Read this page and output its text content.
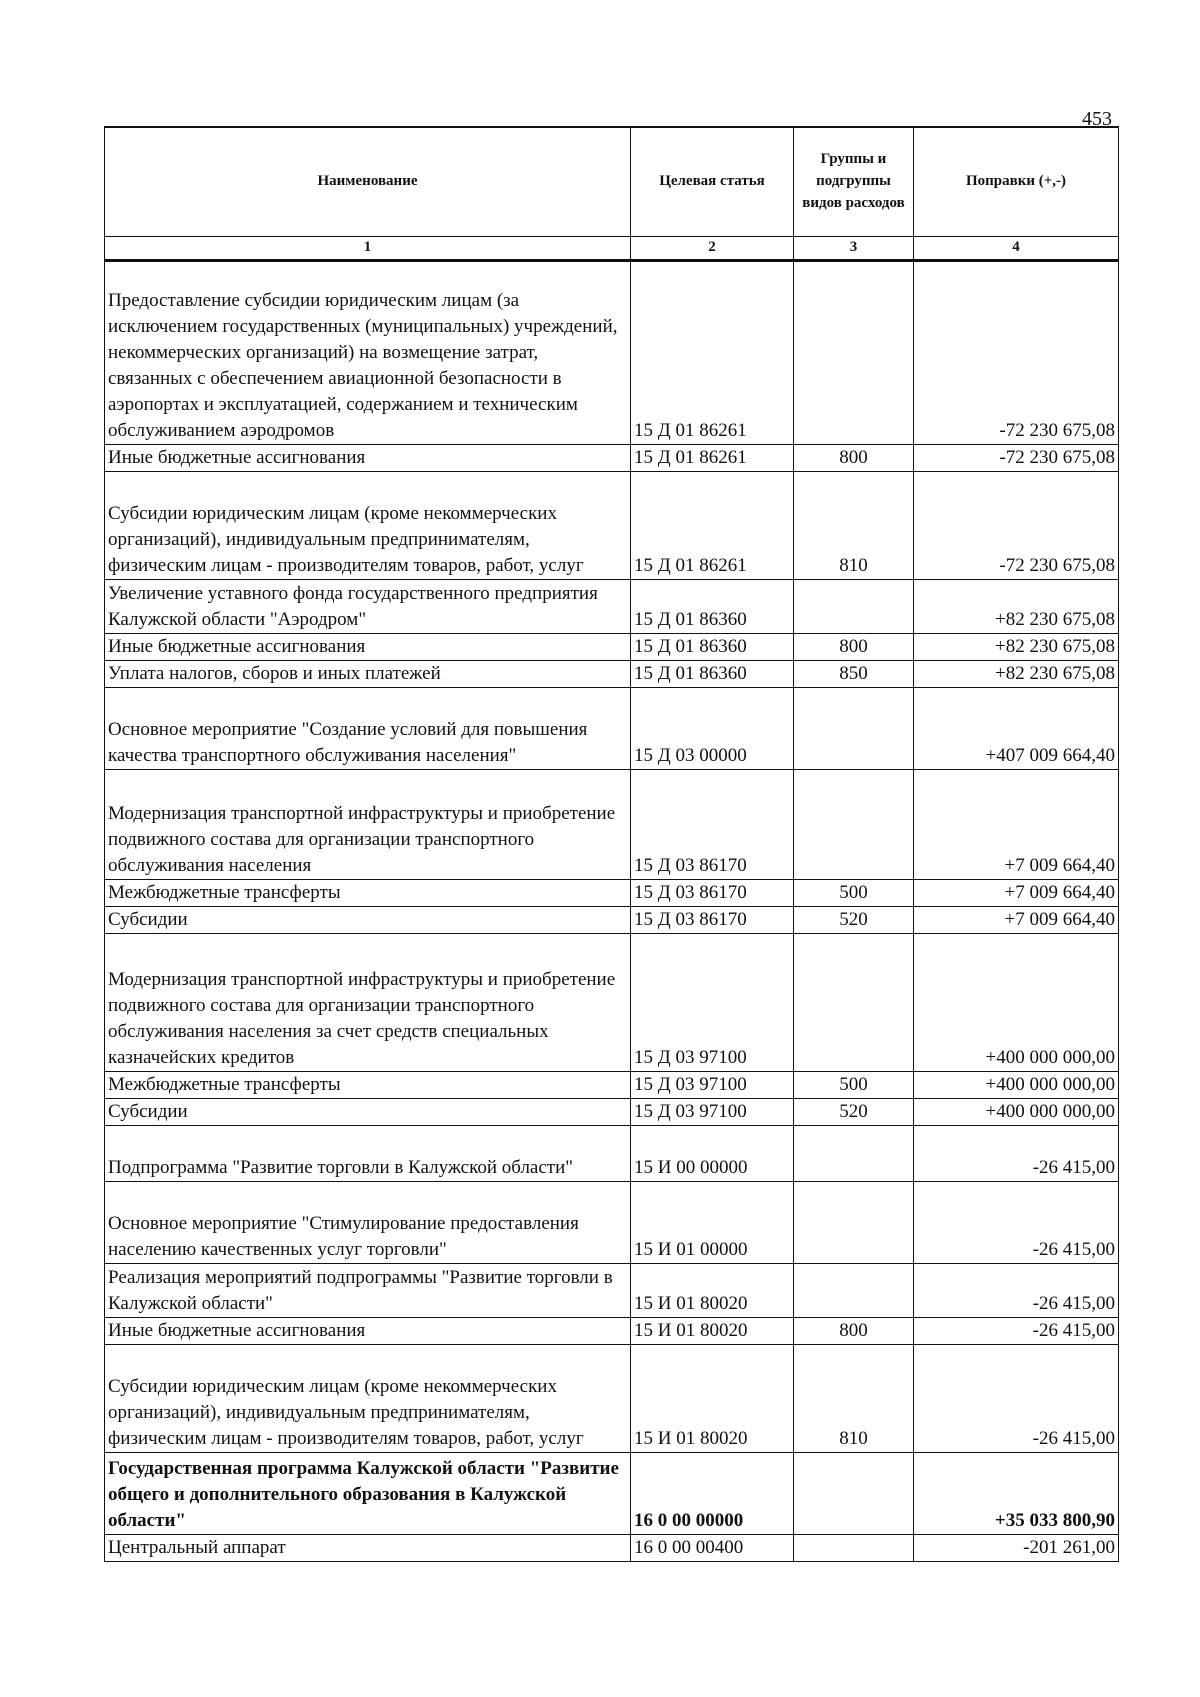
453
Наименование	Целевая статья	Группы и подгруппы видов расходов	Поправки (+,-)
1	2	3	4
Предоставление субсидии юридическим лицам (за исключением государственных (муниципальных) учреждений, некоммерческих организаций) на возмещение затрат, связанных с обеспечением авиационной безопасности в аэропортах и эксплуатацией, содержанием и техническим обслуживанием аэродромов	15 Д 01 86261		-72 230 675,08
Иные бюджетные ассигнования	15 Д 01 86261	800	-72 230 675,08
Субсидии юридическим лицам (кроме некоммерческих организаций), индивидуальным предпринимателям, физическим лицам - производителям товаров, работ, услуг	15 Д 01 86261	810	-72 230 675,08
Увеличение уставного фонда государственного предприятия Калужской области "Аэродром"	15 Д 01 86360		+82 230 675,08
Иные бюджетные ассигнования	15 Д 01 86360	800	+82 230 675,08
Уплата налогов, сборов и иных платежей	15 Д 01 86360	850	+82 230 675,08
Основное мероприятие "Создание условий для повышения качества транспортного обслуживания населения"	15 Д 03 00000		+407 009 664,40
Модернизация транспортной инфраструктуры и приобретение подвижного состава для организации транспортного обслуживания населения	15 Д 03 86170		+7 009 664,40
Межбюджетные трансферты	15 Д 03 86170	500	+7 009 664,40
Субсидии	15 Д 03 86170	520	+7 009 664,40
Модернизация транспортной инфраструктуры и приобретение подвижного состава для организации транспортного обслуживания населения за счет средств специальных казначейских кредитов	15 Д 03 97100		+400 000 000,00
Межбюджетные трансферты	15 Д 03 97100	500	+400 000 000,00
Субсидии	15 Д 03 97100	520	+400 000 000,00
Подпрограмма "Развитие торговли в Калужской области"	15 И 00 00000		-26 415,00
Основное мероприятие "Стимулирование предоставления населению качественных услуг торговли"	15 И 01 00000		-26 415,00
Реализация мероприятий подпрограммы "Развитие торговли в Калужской области"	15 И 01 80020		-26 415,00
Иные бюджетные ассигнования	15 И 01 80020	800	-26 415,00
Субсидии юридическим лицам (кроме некоммерческих организаций), индивидуальным предпринимателям, физическим лицам - производителям товаров, работ, услуг	15 И 01 80020	810	-26 415,00
Государственная программа Калужской области "Развитие общего и дополнительного образования в Калужской области"	16 0 00 00000		+35 033 800,90
Центральный аппарат	16 0 00 00400		-201 261,00
